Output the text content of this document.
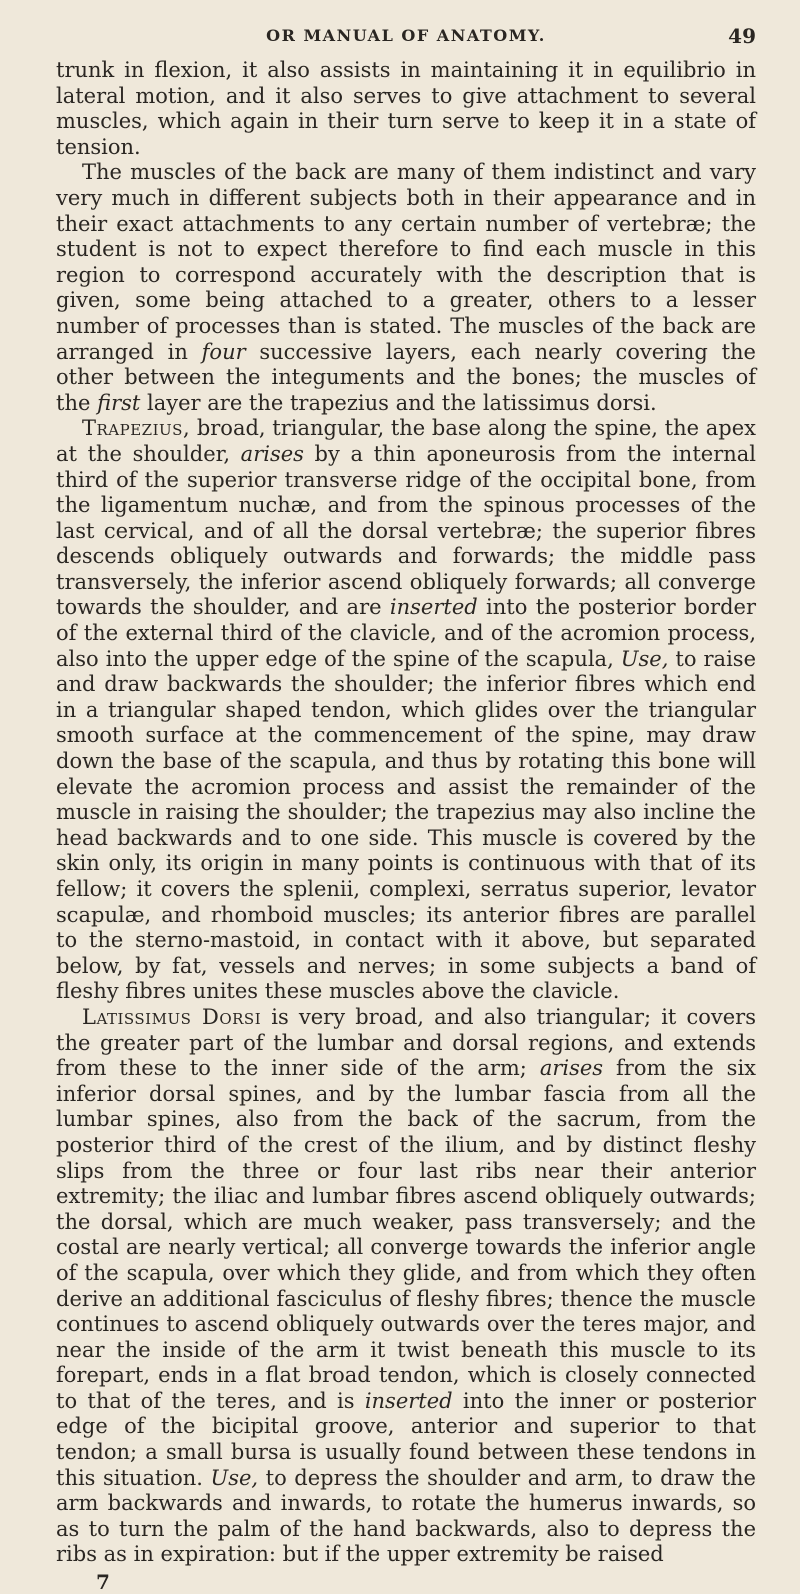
OR MANUAL OF ANATOMY.	49

trunk in flexion, it also assists in maintaining it in equilibrio in lateral motion, and it also serves to give attachment to several muscles, which again in their turn serve to keep it in a state of tension.

The muscles of the back are many of them indistinct and vary very much in different subjects both in their appearance and in their exact attachments to any certain number of vertebræ; the student is not to expect therefore to find each muscle in this region to correspond accurately with the description that is given, some being attached to a greater, others to a lesser number of processes than is stated. The muscles of the back are arranged in four successive layers, each nearly covering the other between the integuments and the bones; the muscles of the first layer are the trapezius and the latissimus dorsi.

Trapezius, broad, triangular, the base along the spine, the apex at the shoulder, arises by a thin aponeurosis from the internal third of the superior transverse ridge of the occipital bone, from the ligamentum nuchæ, and from the spinous processes of the last cervical, and of all the dorsal vertebræ; the superior fibres descends obliquely outwards and forwards; the middle pass transversely, the inferior ascend obliquely forwards; all converge towards the shoulder, and are inserted into the posterior border of the external third of the clavicle, and of the acromion process, also into the upper edge of the spine of the scapula, Use, to raise and draw backwards the shoulder; the inferior fibres which end in a triangular shaped tendon, which glides over the triangular smooth surface at the commencement of the spine, may draw down the base of the scapula, and thus by rotating this bone will elevate the acromion process and assist the remainder of the muscle in raising the shoulder; the trapezius may also incline the head backwards and to one side. This muscle is covered by the skin only, its origin in many points is continuous with that of its fellow; it covers the splenii, complexi, serratus superior, levator scapulæ, and rhomboid muscles; its anterior fibres are parallel to the sterno-mastoid, in contact with it above, but separated below, by fat, vessels and nerves; in some subjects a band of fleshy fibres unites these muscles above the clavicle.

Latissimus Dorsi is very broad, and also triangular; it covers the greater part of the lumbar and dorsal regions, and extends from these to the inner side of the arm; arises from the six inferior dorsal spines, and by the lumbar fascia from all the lumbar spines, also from the back of the sacrum, from the posterior third of the crest of the ilium, and by distinct fleshy slips from the three or four last ribs near their anterior extremity; the iliac and lumbar fibres ascend obliquely outwards; the dorsal, which are much weaker, pass transversely; and the costal are nearly vertical; all converge towards the inferior angle of the scapula, over which they glide, and from which they often derive an additional fasciculus of fleshy fibres; thence the muscle continues to ascend obliquely outwards over the teres major, and near the inside of the arm it twist beneath this muscle to its forepart, ends in a flat broad tendon, which is closely connected to that of the teres, and is inserted into the inner or posterior edge of the bicipital groove, anterior and superior to that tendon; a small bursa is usually found between these tendons in this situation. Use, to depress the shoulder and arm, to draw the arm backwards and inwards, to rotate the humerus inwards, so as to turn the palm of the hand backwards, also to depress the ribs as in expiration: but if the upper extremity be raised

7
